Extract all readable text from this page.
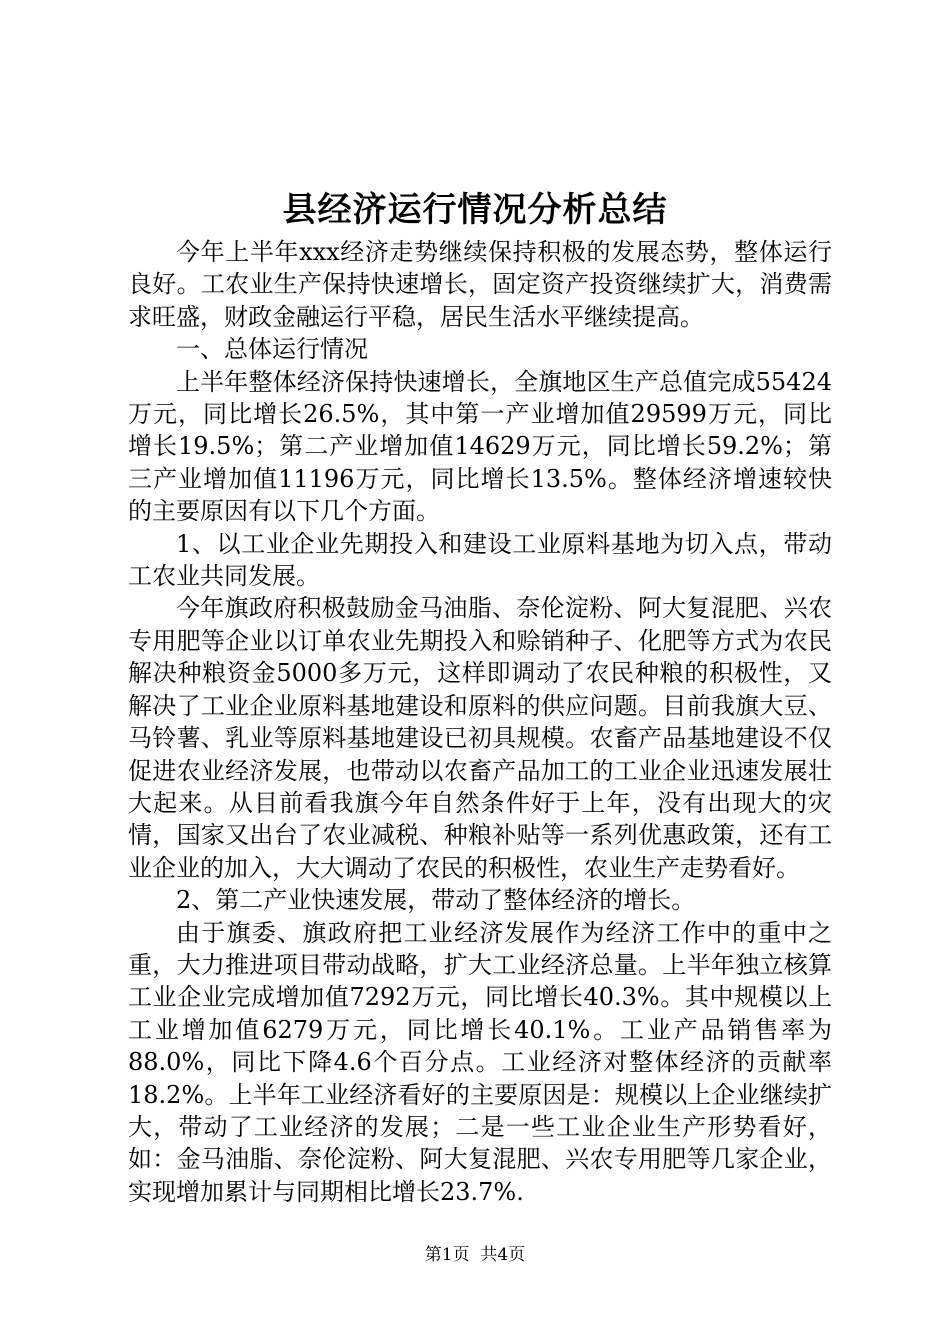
县经济运行情况分析总结

今年上半年xxx经济走势继续保持积极的发展态势，整体运行良好。工农业生产保持快速增长，固定资产投资继续扩大，消费需求旺盛，财政金融运行平稳，居民生活水平继续提高。

一、总体运行情况

上半年整体经济保持快速增长，全旗地区生产总值完成55424万元，同比增长26.5%，其中第一产业增加值29599万元，同比增长19.5%；第二产业增加值14629万元，同比增长59.2%；第三产业增加值11196万元，同比增长13.5%。整体经济增速较快的主要原因有以下几个方面。

1、以工业企业先期投入和建设工业原料基地为切入点，带动工农业共同发展。

今年旗政府积极鼓励金马油脂、奈伦淀粉、阿大复混肥、兴农专用肥等企业以订单农业先期投入和赊销种子、化肥等方式为农民解决种粮资金5000多万元，这样即调动了农民种粮的积极性，又解决了工业企业原料基地建设和原料的供应问题。目前我旗大豆、马铃薯、乳业等原料基地建设已初具规模。农畜产品基地建设不仅促进农业经济发展，也带动以农畜产品加工的工业企业迅速发展壮大起来。从目前看我旗今年自然条件好于上年，没有出现大的灾情，国家又出台了农业减税、种粮补贴等一系列优惠政策，还有工业企业的加入，大大调动了农民的积极性，农业生产走势看好。

2、第二产业快速发展，带动了整体经济的增长。

由于旗委、旗政府把工业经济发展作为经济工作中的重中之重，大力推进项目带动战略，扩大工业经济总量。上半年独立核算工业企业完成增加值7292万元，同比增长40.3%。其中规模以上工业增加值6279万元，同比增长40.1%。工业产品销售率为88.0%，同比下降4.6个百分点。工业经济对整体经济的贡献率18.2%。上半年工业经济看好的主要原因是：规模以上企业继续扩大，带动了工业经济的发展；二是一些工业企业生产形势看好，如：金马油脂、奈伦淀粉、阿大复混肥、兴农专用肥等几家企业，实现增加累计与同期相比增长23.7%.

第1页  共4页
